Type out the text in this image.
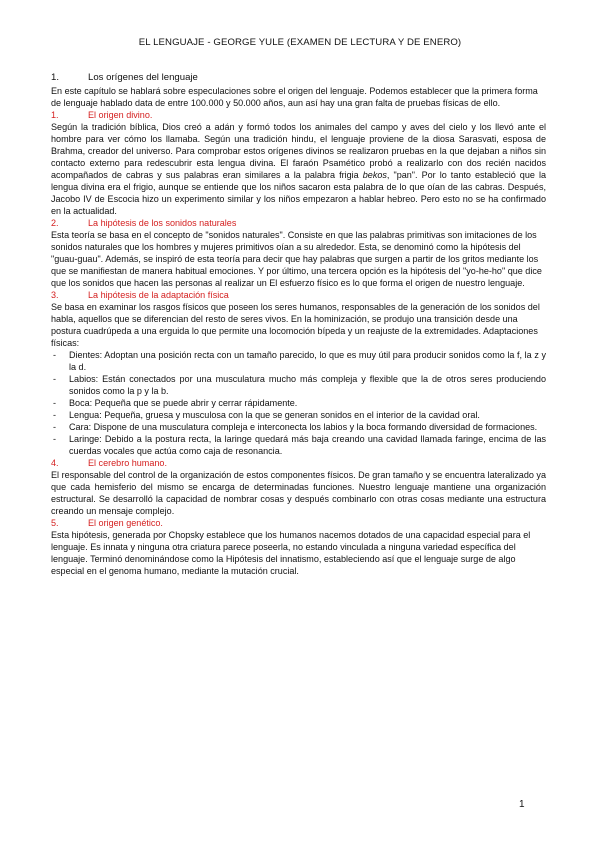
EL LENGUAJE - GEORGE YULE (EXAMEN DE LECTURA Y DE ENERO)
1.	Los orígenes del lenguaje

En este capítulo se hablará sobre especulaciones sobre el origen del lenguaje. Podemos establecer que la primera forma de lenguaje hablado data de entre 100.000 y 50.000 años, aun así hay una gran falta de pruebas físicas de ello.

1.	El origen divino.

Según la tradición bíblica, Dios creó a adán y formó todos los animales del campo y aves del cielo y los llevó ante el hombre para ver cómo los llamaba. Según una tradición hindu, el lenguaje proviene de la diosa Sarasvati, esposa de Brahma, creador del universo. Para comprobar estos orígenes divinos se realizaron pruebas en la que dejaban a niños sin contacto externo para redescubrir esta lengua divina. El faraón Psamético probó a realizarlo con dos recién nacidos acompañados de cabras y sus palabras eran similares a la palabra frigia bekos, "pan". Por lo tanto estableció que la lengua divina era el frigio, aunque se entiende que los niños sacaron esta palabra de lo que oían de las cabras. Después, Jacobo IV de Escocia hizo un experimento similar y los niños empezaron a hablar hebreo. Pero esto no se ha confirmado en la actualidad.

2.	La hipótesis de los sonidos naturales

Esta teoría se basa en el concepto de "sonidos naturales". Consiste en que las palabras primitivas son imitaciones de los sonidos naturales que los hombres y mujeres primitivos oían a su alrededor. Esta, se denominó como la hipótesis del "guau-guau". Además, se inspiró de esta teoría para decir que hay palabras que surgen a partir de los gritos mediante los que se manifiestan de manera habitual emociones. Y por último, una tercera opción es la hipótesis del "yo-he-ho" que dice que los sonidos que hacen las personas al realizar un El esfuerzo físico es lo que forma el origen de nuestro lenguaje.

3.	La hipótesis de la adaptación física

Se basa en examinar los rasgos físicos que poseen los seres humanos, responsables de la generación de los sonidos del habla, aquellos que se diferencian del resto de seres vivos. En la hominización, se produjo una transición desde una postura cuadrúpeda a una erguida lo que permite una locomoción bípeda y un reajuste de la extremidades. Adaptaciones físicas:

-	Dientes: Adoptan una posición recta con un tamaño parecido, lo que es muy útil para producir sonidos como la f, la z y la d.
-	Labios: Están conectados por una musculatura mucho más compleja y flexible que la de otros seres produciendo sonidos como la p y la b.
-	Boca: Pequeña que se puede abrir y cerrar rápidamente.
-	Lengua: Pequeña, gruesa y musculosa con la que se generan sonidos en el interior de la cavidad oral.
-	Cara: Dispone de una musculatura compleja e interconecta los labios y la boca formando diversidad de formaciones.
-	Laringe: Debido a la postura recta, la laringe quedará más baja creando una cavidad llamada faringe, encima de las cuerdas vocales que actúa como caja de resonancia.
4.	El cerebro humano.

El responsable del control de la organización de estos componentes físicos. De gran tamaño y se encuentra lateralizado ya que cada hemisferio del mismo se encarga de determinadas funciones. Nuestro lenguaje mantiene una organización estructural. Se desarrolló la capacidad de nombrar cosas y después combinarlo con otras cosas mediante una estructura creando un mensaje complejo.

5.	El origen genético.

Esta hipótesis, generada por Chopsky establece que los humanos nacemos dotados de una capacidad especial para el lenguaje. Es innata y ninguna otra criatura parece poseerla, no estando vinculada a ninguna variedad específica del lenguaje. Terminó denominándose como la Hipótesis del innatismo, estableciendo así que el lenguaje surge de algo especial en el genoma humano, mediante la mutación crucial.

1
